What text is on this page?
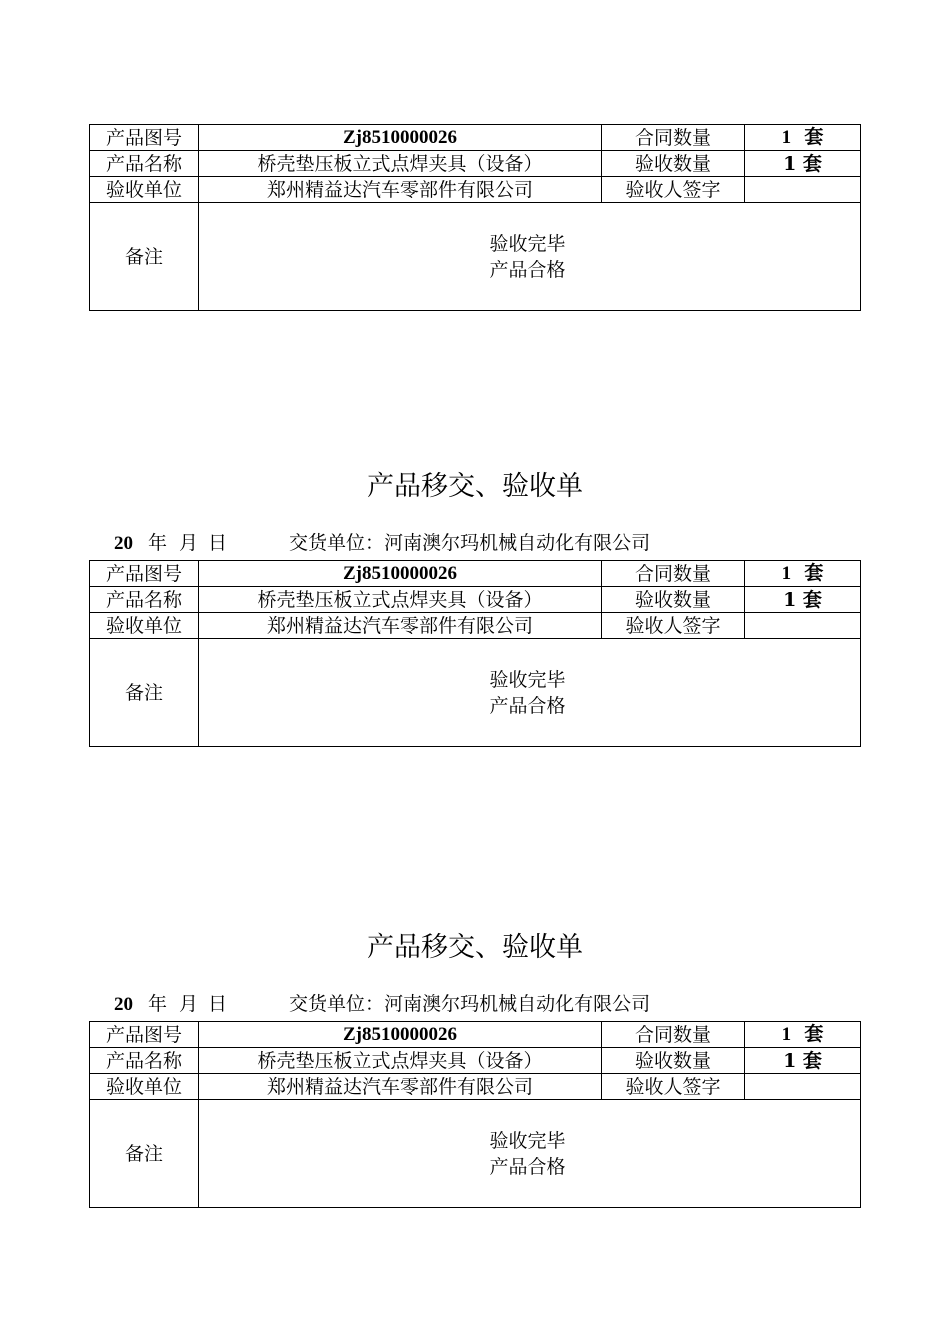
产品图号	Zj8510000026	合同数量	1 套
产品名称	桥壳垫压板立式点焊夹具（设备）	验收数量	1 套
验收单位	郑州精益达汽车零部件有限公司	验收人签字	
备注	验收完毕
产品合格		
产品移交、验收单
20 年 月 日	交货单位：河南澳尔玛机械自动化有限公司
产品图号	Zj8510000026	合同数量	1 套
产品名称	桥壳垫压板立式点焊夹具（设备）	验收数量	1 套
验收单位	郑州精益达汽车零部件有限公司	验收人签字	
备注	验收完毕
产品合格		
产品移交、验收单
20 年 月 日	交货单位：河南澳尔玛机械自动化有限公司
产品图号	Zj8510000026	合同数量	1 套
产品名称	桥壳垫压板立式点焊夹具（设备）	验收数量	1 套
验收单位	郑州精益达汽车零部件有限公司	验收人签字	
备注	验收完毕
产品合格		
